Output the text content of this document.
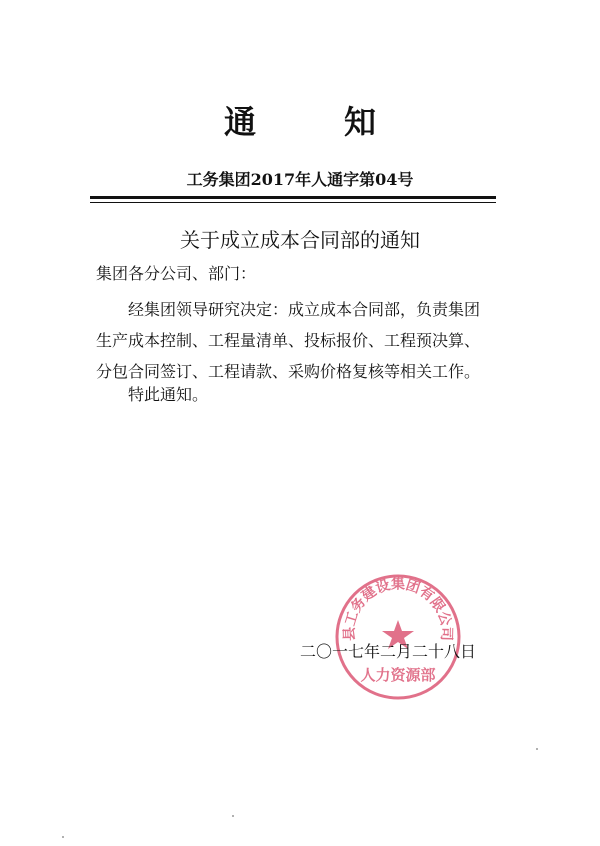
通知
工务集团2017年人通字第04号
关于成立成本合同部的通知
集团各分公司、部门：
经集团领导研究决定：成立成本合同部，负责集团
生产成本控制、工程量清单、投标报价、工程预决算、
分包合同签订、工程请款、采购价格复核等相关工作。
特此通知。
县工务建设集团有限公司
人力资源部
二〇一七年二月二十八日
